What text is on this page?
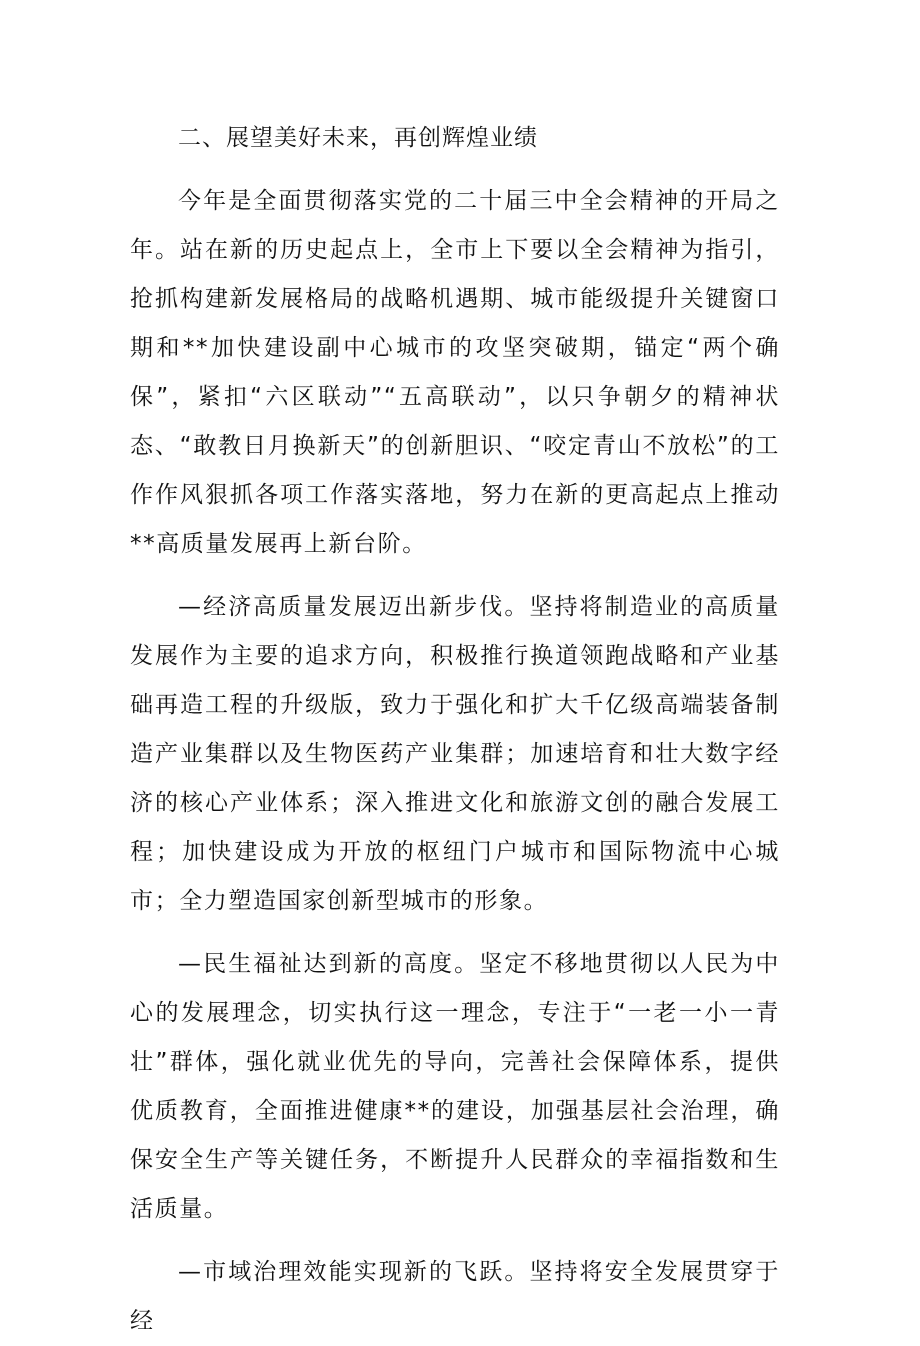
二、展望美好未来，再创辉煌业绩

今年是全面贯彻落实党的二十届三中全会精神的开局之年。站在新的历史起点上，全市上下要以全会精神为指引，抢抓构建新发展格局的战略机遇期、城市能级提升关键窗口期和**加快建设副中心城市的攻坚突破期，锚定“两个确保”，紧扣“六区联动”“五高联动”，以只争朝夕的精神状态、“敢教日月换新天”的创新胆识、“咬定青山不放松”的工作作风狠抓各项工作落实落地，努力在新的更高起点上推动**高质量发展再上新台阶。

—经济高质量发展迈出新步伐。坚持将制造业的高质量发展作为主要的追求方向，积极推行换道领跑战略和产业基础再造工程的升级版，致力于强化和扩大千亿级高端装备制造产业集群以及生物医药产业集群；加速培育和壮大数字经济的核心产业体系；深入推进文化和旅游文创的融合发展工程；加快建设成为开放的枢纽门户城市和国际物流中心城市；全力塑造国家创新型城市的形象。

—民生福祉达到新的高度。坚定不移地贯彻以人民为中心的发展理念，切实执行这一理念，专注于“一老一小一青壮”群体，强化就业优先的导向，完善社会保障体系，提供优质教育，全面推进健康**的建设，加强基层社会治理，确保安全生产等关键任务，不断提升人民群众的幸福指数和生活质量。

—市域治理效能实现新的飞跃。坚持将安全发展贯穿于经
